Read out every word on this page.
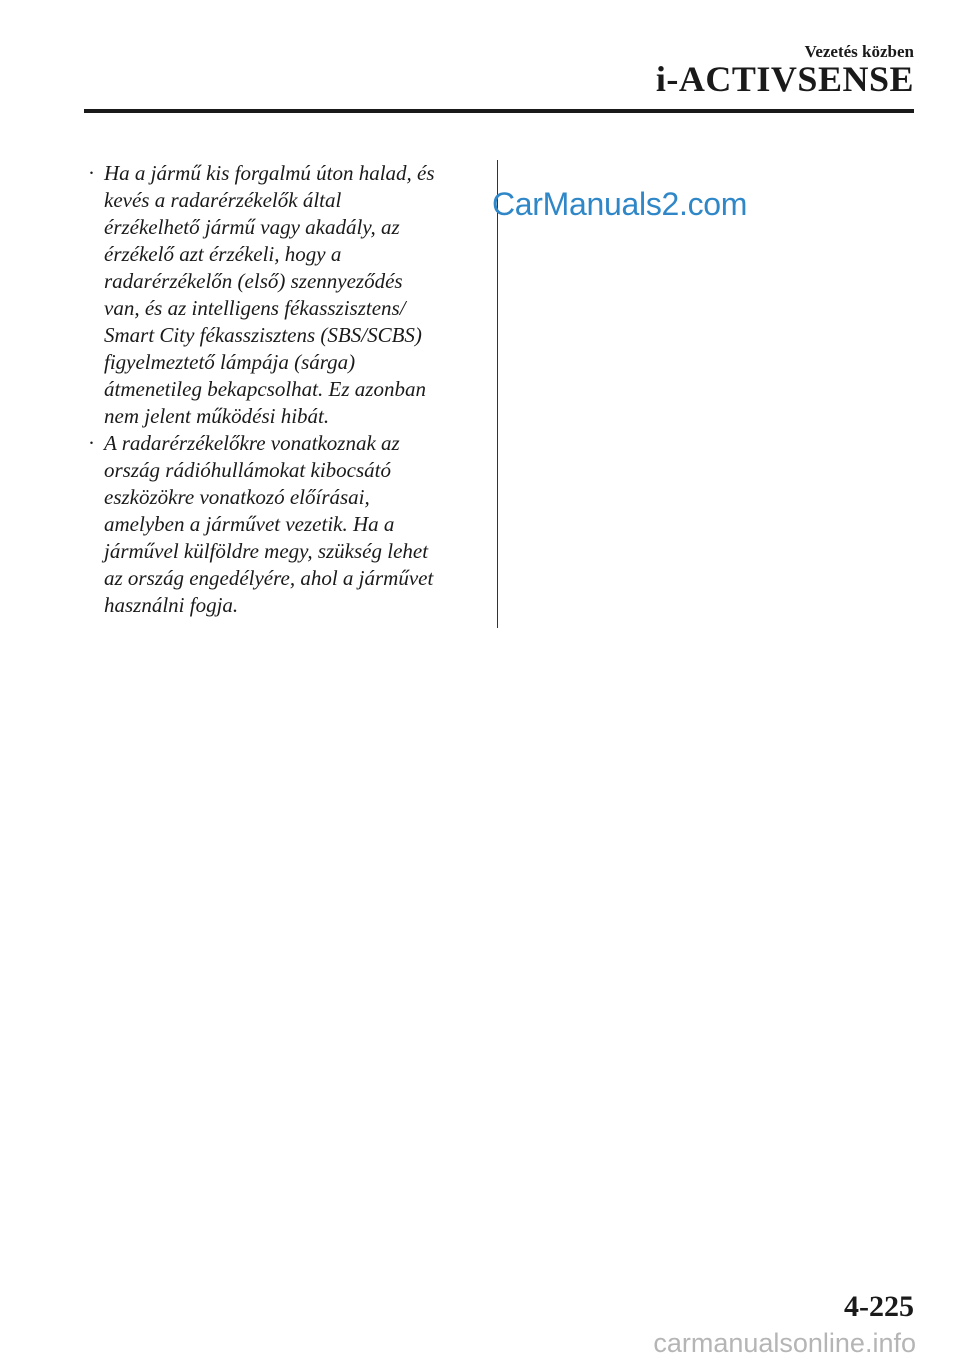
Vezetés közben
i-ACTIVSENSE
· Ha a jármű kis forgalmú úton halad, és
kevés a radarérzékelők által
érzékelhető jármű vagy akadály, az
érzékelő azt érzékeli, hogy a
radarérzékelőn (első) szennyeződés
van, és az intelligens fékasszisztens/
Smart City fékasszisztens (SBS/SCBS)
figyelmeztető lámpája (sárga)
átmenetileg bekapcsolhat. Ez azonban
nem jelent működési hibát.
· A radarérzékelőkre vonatkoznak az
ország rádióhullámokat kibocsátó
eszközökre vonatkozó előírásai,
amelyben a járművet vezetik. Ha a
járművel külföldre megy, szükség lehet
az ország engedélyére, ahol a járművet
használni fogja.
CarManuals2.com
4-225
carmanualsonline.info
